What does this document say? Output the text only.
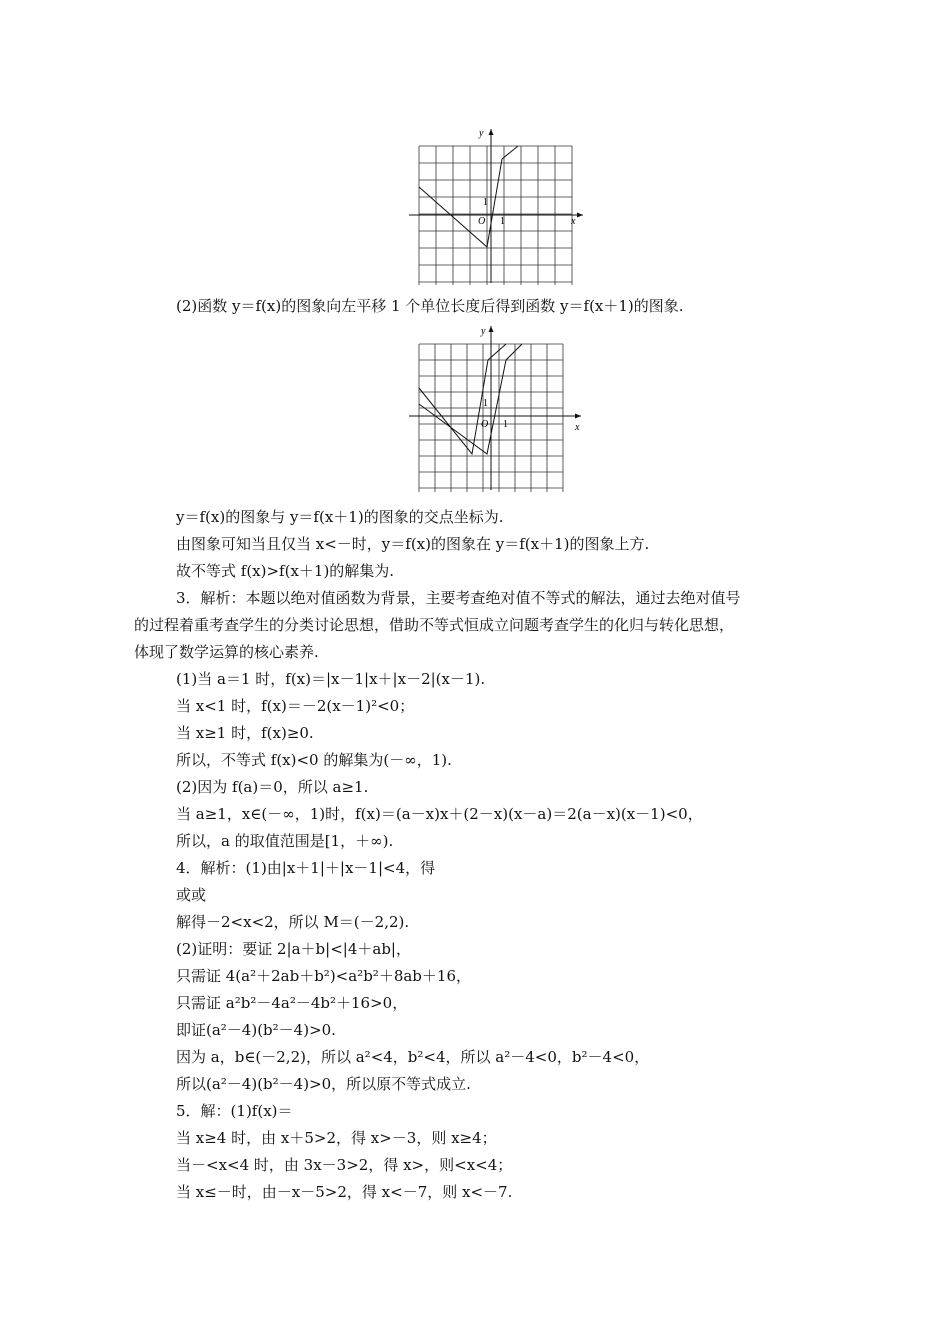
y
x
O 1
1
y
x
O 1
1
(2)函数 y＝f(x)的图象向左平移 1 个单位长度后得到函数 y＝f(x＋1)的图象.
y＝f(x)的图象与 y＝f(x＋1)的图象的交点坐标为.
由图象可知当且仅当 x<－时，y＝f(x)的图象在 y＝f(x＋1)的图象上方.
故不等式 f(x)>f(x＋1)的解集为.
3．解析：本题以绝对值函数为背景，主要考查绝对值不等式的解法，通过去绝对值号
的过程着重考查学生的分类讨论思想，借助不等式恒成立问题考查学生的化归与转化思想，
体现了数学运算的核心素养.
(1)当 a＝1 时，f(x)＝|x－1|x＋|x－2|(x－1).
当 x<1 时，f(x)＝－2(x－1)²<0；
当 x≥1 时，f(x)≥0.
所以，不等式 f(x)<0 的解集为(－∞，1).
(2)因为 f(a)＝0，所以 a≥1.
当 a≥1，x∈(－∞，1)时，f(x)＝(a－x)x＋(2－x)(x－a)＝2(a－x)(x－1)<0，
所以，a 的取值范围是[1，＋∞).
4．解析：(1)由|x＋1|＋|x－1|<4，得
或或
解得－2<x<2，所以 M＝(－2,2).
(2)证明：要证 2|a＋b|<|4＋ab|，
只需证 4(a²＋2ab＋b²)<a²b²＋8ab＋16，
只需证 a²b²－4a²－4b²＋16>0，
即证(a²－4)(b²－4)>0.
因为 a，b∈(－2,2)，所以 a²<4，b²<4，所以 a²－4<0，b²－4<0，
所以(a²－4)(b²－4)>0，所以原不等式成立.
5．解：(1)f(x)＝
当 x≥4 时，由 x＋5>2，得 x>－3，则 x≥4；
当－<x<4 时，由 3x－3>2，得 x>，则<x<4；
当 x≤－时，由－x－5>2，得 x<－7，则 x<－7.
